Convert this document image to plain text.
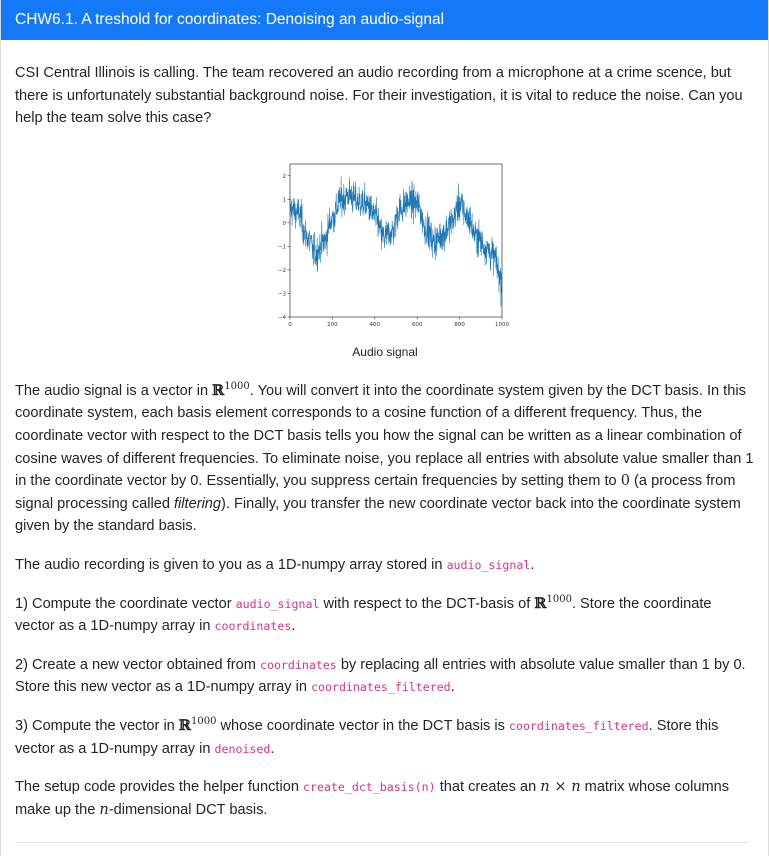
CHW6.1. A treshold for coordinates: Denoising an audio-signal

CSI Central Illinois is calling. The team recovered an audio recording from a microphone at a crime scence, but there is unfortunately substantial background noise. For their investigation, it is vital to reduce the noise. Can you help the team solve this case?

0	200	400	600	800	1000
2
1
0
−1
−2
−3
−4
Audio signal

The audio signal is a vector in ℝ$^{1000}$. You will convert it into the coordinate system given by the DCT basis. In this coordinate system, each basis element corresponds to a cosine function of a different frequency. Thus, the coordinate vector with respect to the DCT basis tells you how the signal can be written as a linear combination of cosine waves of different frequencies. To eliminate noise, you replace all entries with absolute value smaller than 1 in the coordinate vector by 0. Essentially, you suppress certain frequencies by setting them to 0 (a process from signal processing called filtering). Finally, you transfer the new coordinate vector back into the coordinate system given by the standard basis.

The audio recording is given to you as a 1D-numpy array stored in audio_signal.

1) Compute the coordinate vector audio_signal with respect to the DCT-basis of ℝ$^{1000}$. Store the coordinate vector as a 1D-numpy array in coordinates.

2) Create a new vector obtained from coordinates by replacing all entries with absolute value smaller than 1 by 0. Store this new vector as a 1D-numpy array in coordinates_filtered.

3) Compute the vector in ℝ$^{1000}$ whose coordinate vector in the DCT basis is coordinates_filtered. Store this vector as a 1D-numpy array in denoised.

The setup code provides the helper function create_dct_basis(n) that creates an n × n matrix whose columns make up the n-dimensional DCT basis.
